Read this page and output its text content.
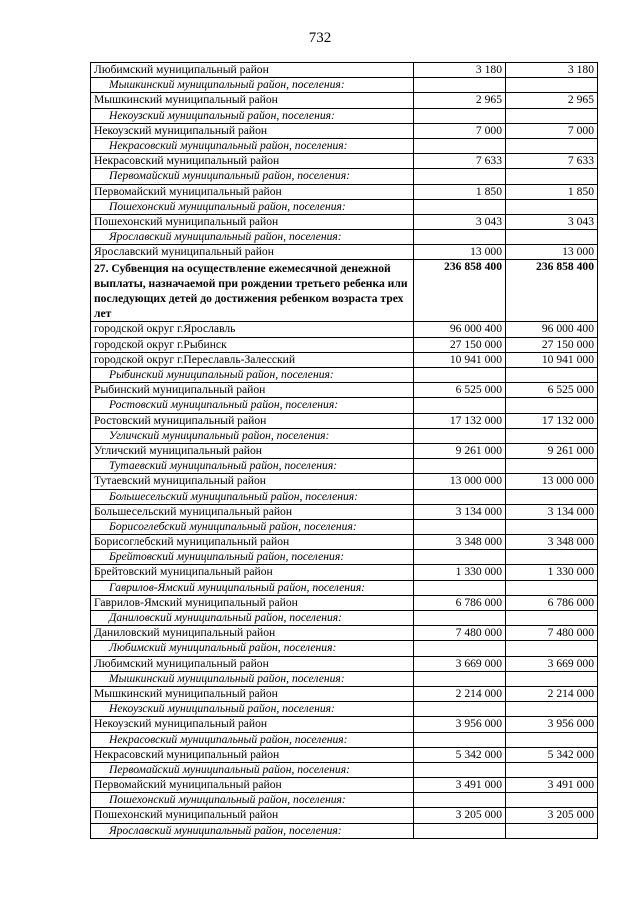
732
Любимский муниципальный район	3 180	3 180
Мышкинский муниципальный район, поселения:		
Мышкинский муниципальный район	2 965	2 965
Некоузский муниципальный район, поселения:		
Некоузский муниципальный район	7 000	7 000
Некрасовский муниципальный район, поселения:		
Некрасовский муниципальный район	7 633	7 633
Первомайский муниципальный район, поселения:		
Первомайский муниципальный район	1 850	1 850
Пошехонский муниципальный район, поселения:		
Пошехонский муниципальный район	3 043	3 043
Ярославский муниципальный район, поселения:		
Ярославский муниципальный район	13 000	13 000
27. Субвенция на осуществление ежемесячной денежной выплаты, назначаемой при рождении третьего ребенка или последующих детей до достижения ребенком возраста трех лет	236 858 400	236 858 400
городской округ г.Ярославль	96 000 400	96 000 400
городской округ г.Рыбинск	27 150 000	27 150 000
городской округ г.Переславль-Залесский	10 941 000	10 941 000
Рыбинский муниципальный район, поселения:		
Рыбинский муниципальный район	6 525 000	6 525 000
Ростовский муниципальный район, поселения:		
Ростовский муниципальный район	17 132 000	17 132 000
Угличский муниципальный район, поселения:		
Угличский муниципальный район	9 261 000	9 261 000
Тутаевский муниципальный район, поселения:		
Тутаевский муниципальный район	13 000 000	13 000 000
Большесельский муниципальный район, поселения:		
Большесельский муниципальный район	3 134 000	3 134 000
Борисоглебский муниципальный район, поселения:		
Борисоглебский муниципальный район	3 348 000	3 348 000
Брейтовский муниципальный район, поселения:		
Брейтовский муниципальный район	1 330 000	1 330 000
Гаврилов-Ямский муниципальный район, поселения:		
Гаврилов-Ямский муниципальный район	6 786 000	6 786 000
Даниловский муниципальный район, поселения:		
Даниловский муниципальный район	7 480 000	7 480 000
Любимский муниципальный район, поселения:		
Любимский муниципальный район	3 669 000	3 669 000
Мышкинский муниципальный район, поселения:		
Мышкинский муниципальный район	2 214 000	2 214 000
Некоузский муниципальный район, поселения:		
Некоузский муниципальный район	3 956 000	3 956 000
Некрасовский муниципальный район, поселения:		
Некрасовский муниципальный район	5 342 000	5 342 000
Первомайский муниципальный район, поселения:		
Первомайский муниципальный район	3 491 000	3 491 000
Пошехонский муниципальный район, поселения:		
Пошехонский муниципальный район	3 205 000	3 205 000
Ярославский муниципальный район, поселения:		
